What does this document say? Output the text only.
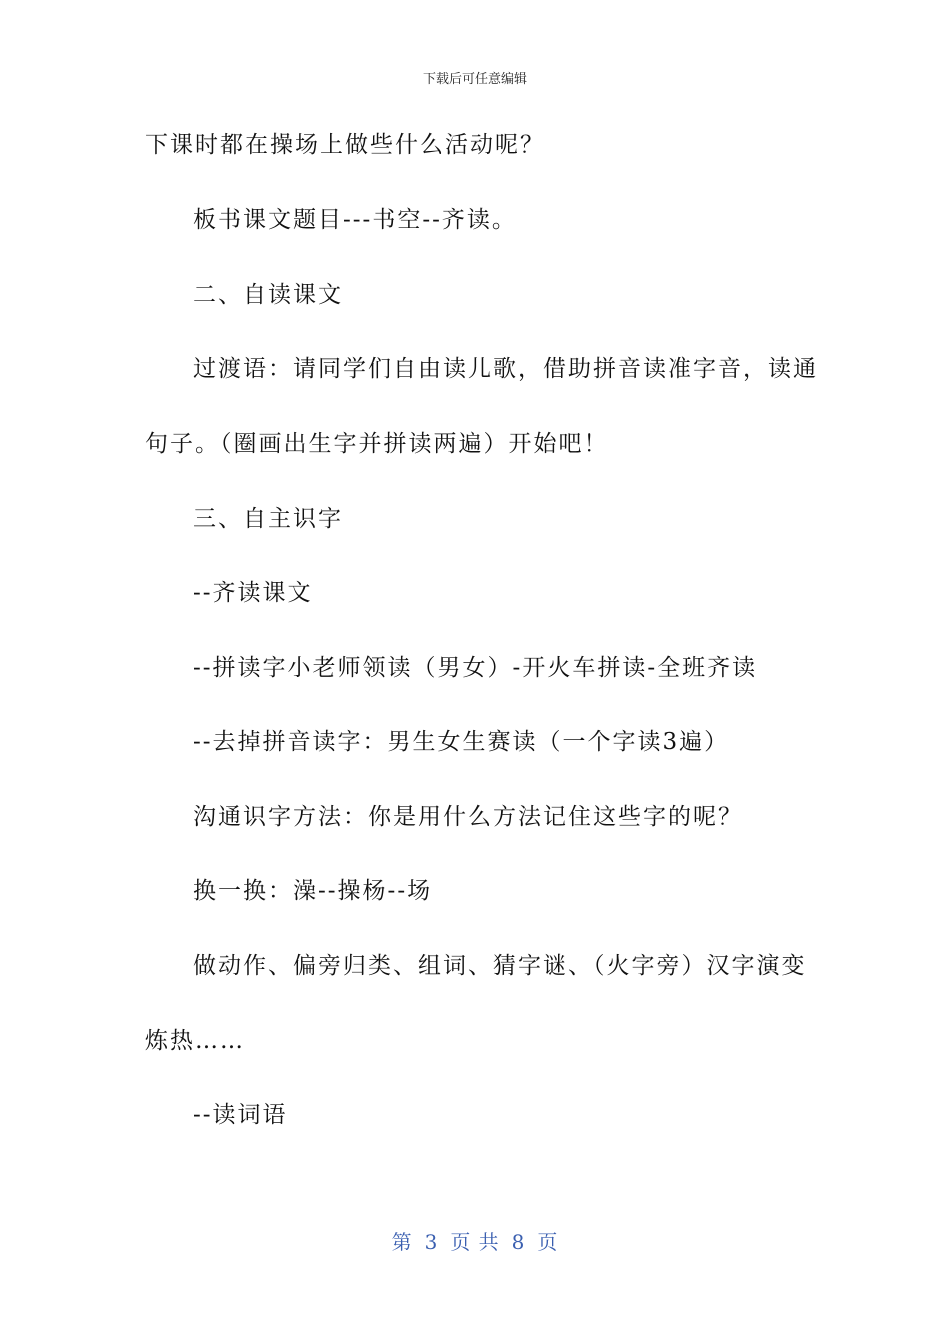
下载后可任意编辑
下课时都在操场上做些什么活动呢？
板书课文题目---书空--齐读。
二、自读课文
过渡语：请同学们自由读儿歌，借助拼音读准字音，读通
句子。（圈画出生字并拼读两遍）开始吧！
三、自主识字
--齐读课文
--拼读字小老师领读（男女）-开火车拼读-全班齐读
--去掉拼音读字：男生女生赛读（一个字读3遍）
沟通识字方法：你是用什么方法记住这些字的呢？
换一换：澡--操杨--场
做动作、偏旁归类、组词、猜字谜、（火字旁）汉字演变
炼热……
--读词语
第 3 页 共 8 页
